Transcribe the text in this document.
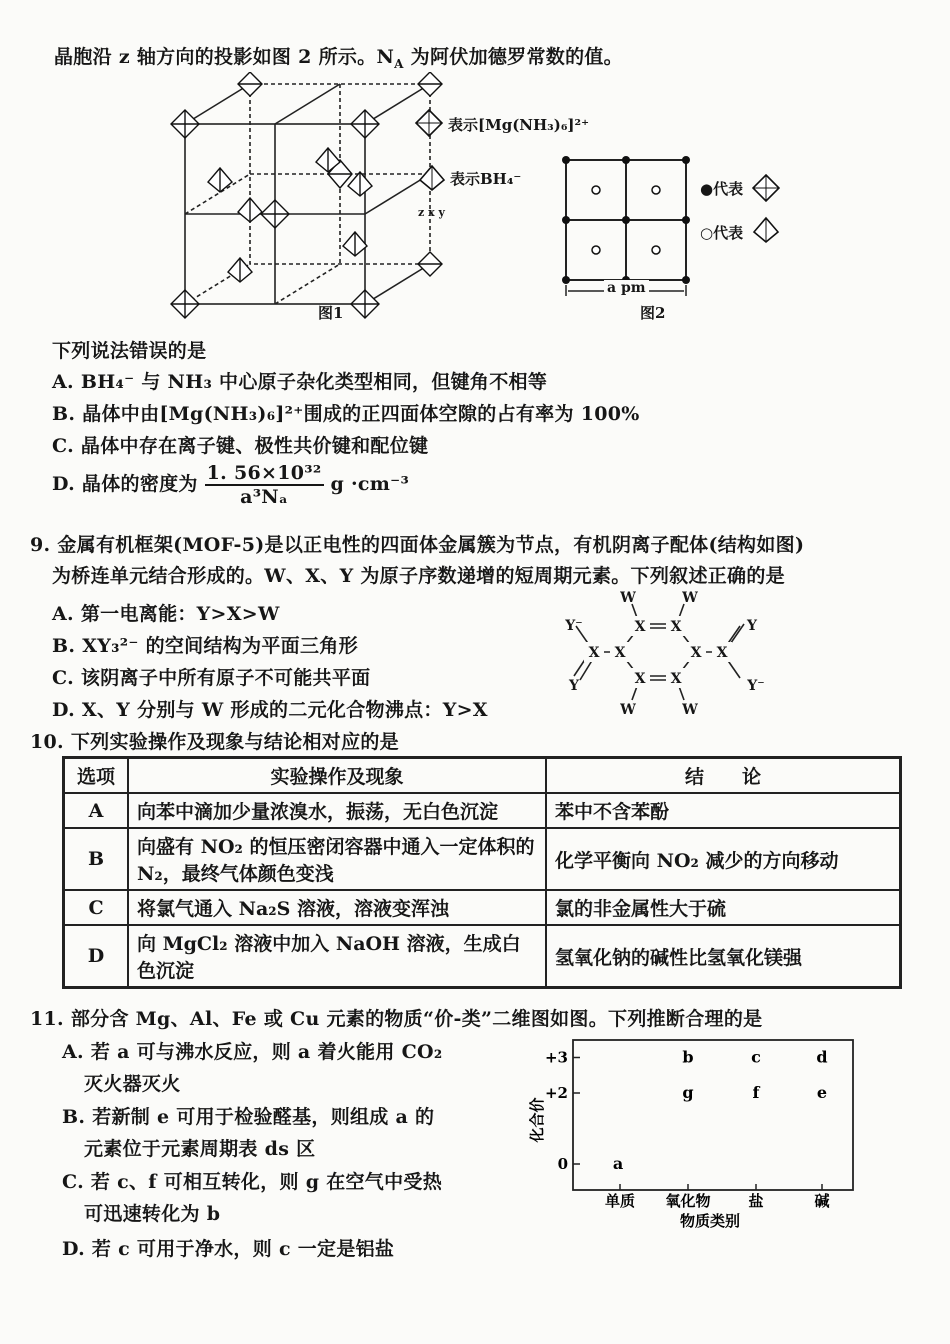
晶胞沿 z 轴方向的投影如图 2 所示。$N_A$ 为阿伏加德罗常数的值。
表示[Mg(NH₃)₆]²⁺
表示BH₄⁻
z x y
图1
a pm
●代表
○代表
图2
下列说法错误的是
A. BH₄⁻ 与 NH₃ 中心原子杂化类型相同，但键角不相等
B. 晶体中由[Mg(NH₃)₆]²⁺围成的正四面体空隙的占有率为 100%
C. 晶体中存在离子键、极性共价键和配位键
D. 晶体的密度为 $\frac{\text{1. 56×10³²}}{\text{a³Nₐ}}$ g ·cm⁻³
9. 金属有机框架(MOF-5)是以正电性的四面体金属簇为节点，有机阴离子配体(结构如图)
为桥连单元结合形成的。W、X、Y 为原子序数递增的短周期元素。下列叙述正确的是
A. 第一电离能：Y>X>W
B. XY₃²⁻ 的空间结构为平面三角形
C. 该阴离子中所有原子不可能共平面
D. X、Y 分别与 W 形成的二元化合物沸点：Y>X
X X
X	X
X X
X	X
W	W
W	W
Y⁻
Y
Y
Y⁻
10. 下列实验操作及现象与结论相对应的是
选项	实验操作及现象	结　　论
A	向苯中滴加少量浓溴水，振荡，无白色沉淀	苯中不含苯酚
B	向盛有 NO₂ 的恒压密闭容器中通入一定体积的 N₂，最终气体颜色变浅	化学平衡向 NO₂ 减少的方向移动
C	将氯气通入 Na₂S 溶液，溶液变浑浊	氯的非金属性大于硫
D	向 MgCl₂ 溶液中加入 NaOH 溶液，生成白色沉淀	氢氧化钠的碱性比氢氧化镁强
11. 部分含 Mg、Al、Fe 或 Cu 元素的物质“价-类”二维图如图。下列推断合理的是
A. 若 a 可与沸水反应，则 a 着火能用 CO₂
灭火器灭火
B. 若新制 e 可用于检验醛基，则组成 a 的
元素位于元素周期表 ds 区
C. 若 c、f 可相互转化，则 g 在空气中受热
可迅速转化为 b
D. 若 c 可用于净水，则 c 一定是铝盐
化合价
物质类别
+3
+2
0
单质 氧化物	盐	碱
a
b	c	d
g	f	e
